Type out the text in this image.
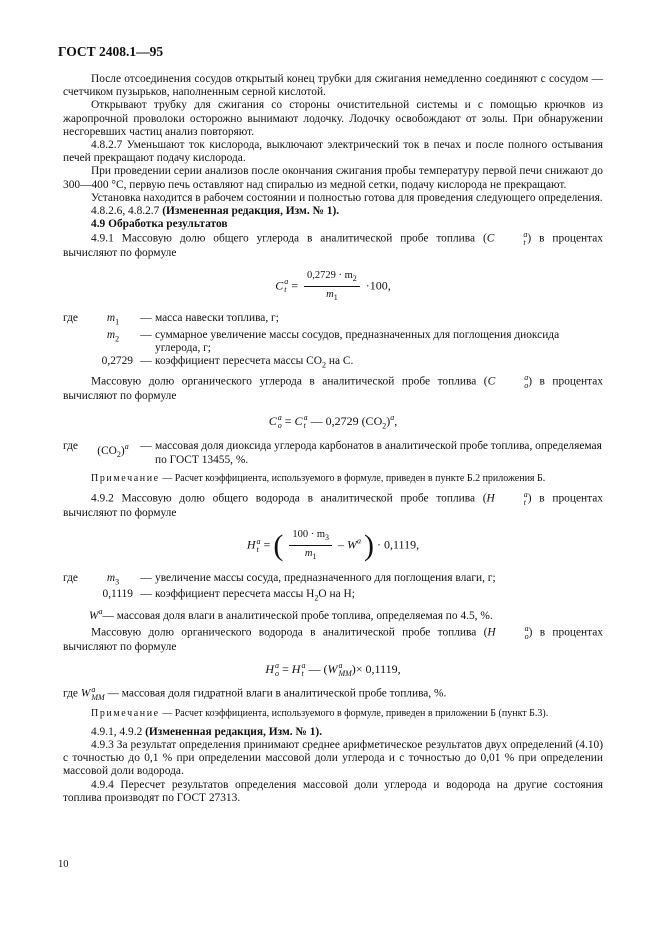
ГОСТ 2408.1—95

После отсоединения сосудов открытый конец трубки для сжигания немедленно соединяют с сосудом — счетчиком пузырьков, наполненным серной кислотой.

Открывают трубку для сжигания со стороны очистительной системы и с помощью крючков из жаропрочной проволоки осторожно вынимают лодочку. Лодочку освобождают от золы. При обнаружении несгоревших частиц анализ повторяют.

4.8.2.7 Уменьшают ток кислорода, выключают электрический ток в печах и после полного остывания печей прекращают подачу кислорода.

При проведении серии анализов после окончания сжигания пробы температуру первой печи снижают до 300—400 °С, первую печь оставляют над спиралью из медной сетки, подачу кислорода не прекращают.

Установка находится в рабочем состоянии и полностью готова для проведения следующего определения.

4.8.2.6, 4.8.2.7 (Измененная редакция, Изм. № 1).

4.9 Обработка результатов

4.9.1 Массовую долю общего углерода в аналитической пробе топлива (C	a
t ) в процентах вычисляют по формуле

C a
$t = \frac{0,2729 \cdot m_2}{m_1} \cdot 100$,
где	$m_1$	—	масса навески топлива, г;
	$m_2$	—	суммарное увеличение массы сосудов, предназначенных для поглощения диоксида углерода, г;
0,2729		—	коэффициент пересчета массы $CO_2$ на С.

Массовую долю органического углерода в аналитической пробе топлива (C	a
o ) в процентах вычисляют по формуле

C a
o = C a
t — 0,2729 $(CO_2)^a$,
где	$(CO_2)^a$	—	массовая доля диоксида углерода карбонатов в аналитической пробе топлива, определяемая по ГОСТ 13455, %.

Примечание — Расчет коэффициента, используемого в формуле, приведен в пункте Б.2 приложения Б.

4.9.2 Массовую долю общего водорода в аналитической пробе топлива (H	a
t ) в процентах вычисляют по формуле

H a
t = ( $\frac{100 \cdot m_3}{m_1} - W^a$ ) · 0,1119,
где	$m_3$	—	увеличение массы сосуда, предназначенного для поглощения влаги, г;
0,1119		—	коэффициент пересчета массы $H_2O$ на H;
$W^a—$ массовая доля влаги в аналитической пробе топлива, определяемая по 4.5, %.			

Массовую долю органического водорода в аналитической пробе топлива (H	a
o ) в процентах вычисляют по формуле

H a
o = H a
t — (W a
MM )× 0,1119,

где W a
MM — массовая доля гидратной влаги в аналитической пробе топлива, %.

Примечание — Расчет коэффициента, используемого в формуле, приведен в приложении Б (пункт Б.3).

4.9.1, 4.9.2 (Измененная редакция, Изм. № 1).

4.9.3 За результат определения принимают среднее арифметическое результатов двух определений (4.10) с точностью до 0,1 % при определении массовой доли углерода и с точностью до 0,01 % при определении массовой доли водорода.

4.9.4 Пересчет результатов определения массовой доли углерода и водорода на другие состояния топлива производят по ГОСТ 27313.

10
